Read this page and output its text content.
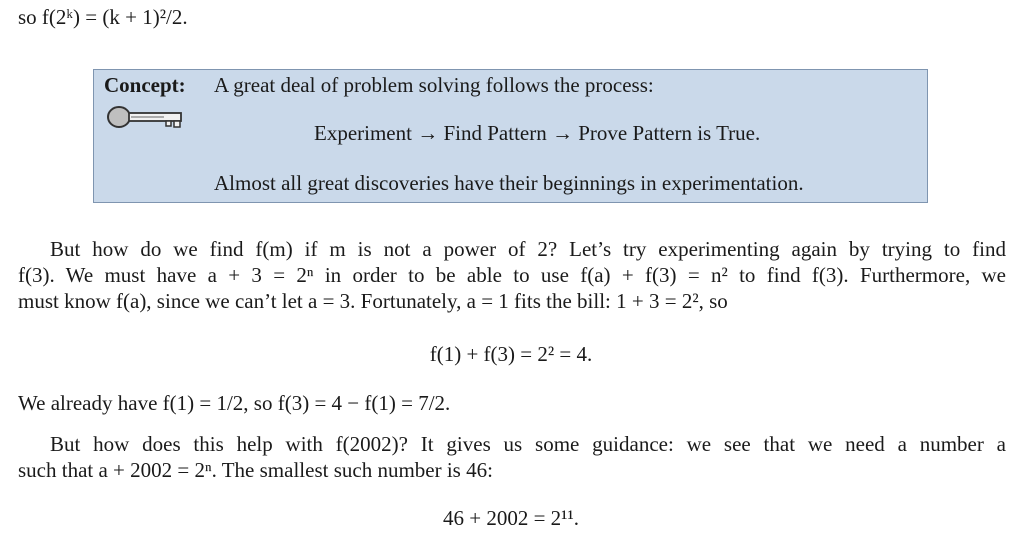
so f(2ᵏ) = (k + 1)²/2.
Concept: A great deal of problem solving follows the process:
Experiment → Find Pattern → Prove Pattern is True.
Almost all great discoveries have their beginnings in experimentation.
But how do we find f(m) if m is not a power of 2? Let’s try experimenting again by trying to find
f(3). We must have a + 3 = 2ⁿ in order to be able to use f(a) + f(3) = n² to find f(3). Furthermore, we
must know f(a), since we can’t let a = 3. Fortunately, a = 1 fits the bill: 1 + 3 = 2², so
f(1) + f(3) = 2² = 4.
We already have f(1) = 1/2, so f(3) = 4 − f(1) = 7/2.
But how does this help with f(2002)? It gives us some guidance: we see that we need a number a
such that a + 2002 = 2ⁿ. The smallest such number is 46:
46 + 2002 = 2¹¹.
